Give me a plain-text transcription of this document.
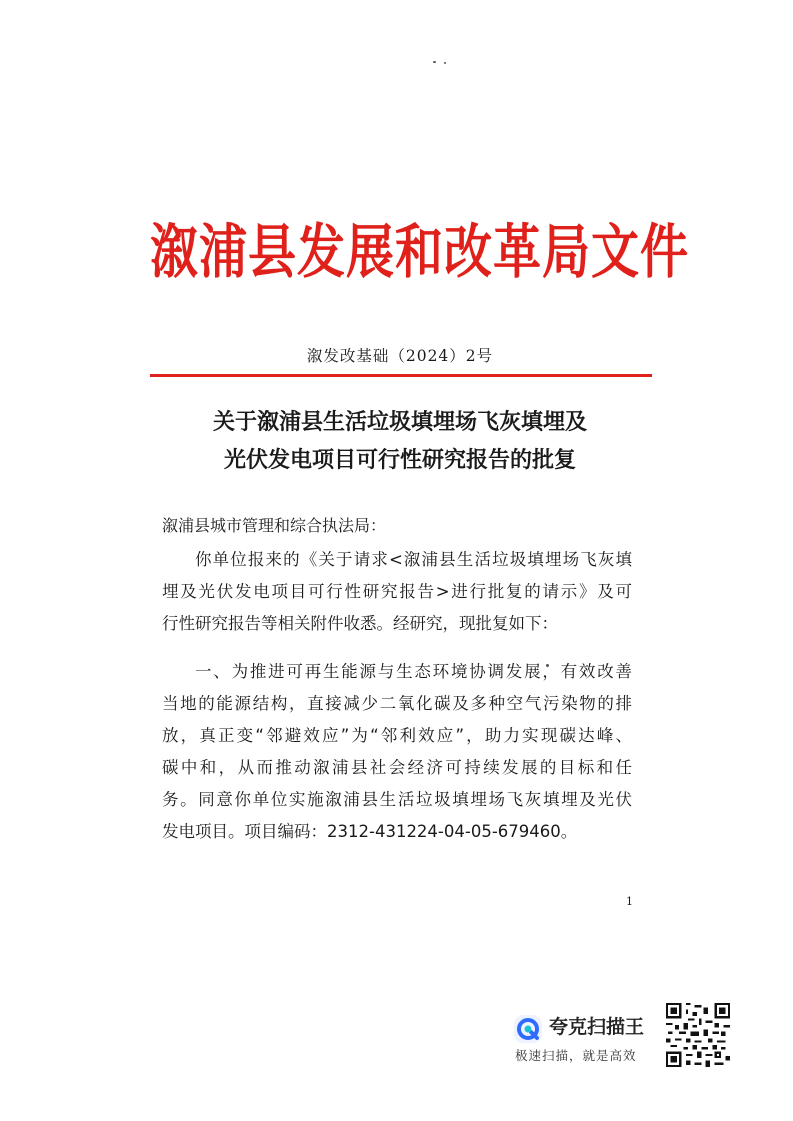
溆浦县发展和改革局文件
溆发改基础（2024）2号
关于溆浦县生活垃圾填埋场飞灰填埋及
光伏发电项目可行性研究报告的批复
溆浦县城市管理和综合执法局：
你单位报来的《关于请求<溆浦县生活垃圾填埋场飞灰填
埋及光伏发电项目可行性研究报告>进行批复的请示》及可
行性研究报告等相关附件收悉。经研究，现批复如下：
一、为推进可再生能源与生态环境协调发展，有效改善
当地的能源结构，直接减少二氧化碳及多种空气污染物的排
放，真正变“邻避效应”为“邻利效应”，助力实现碳达峰、
碳中和，从而推动溆浦县社会经济可持续发展的目标和任
务。同意你单位实施溆浦县生活垃圾填埋场飞灰填埋及光伏
发电项目。项目编码：2312-431224-04-05-679460。
1
夸克扫描王
极速扫描，就是高效
